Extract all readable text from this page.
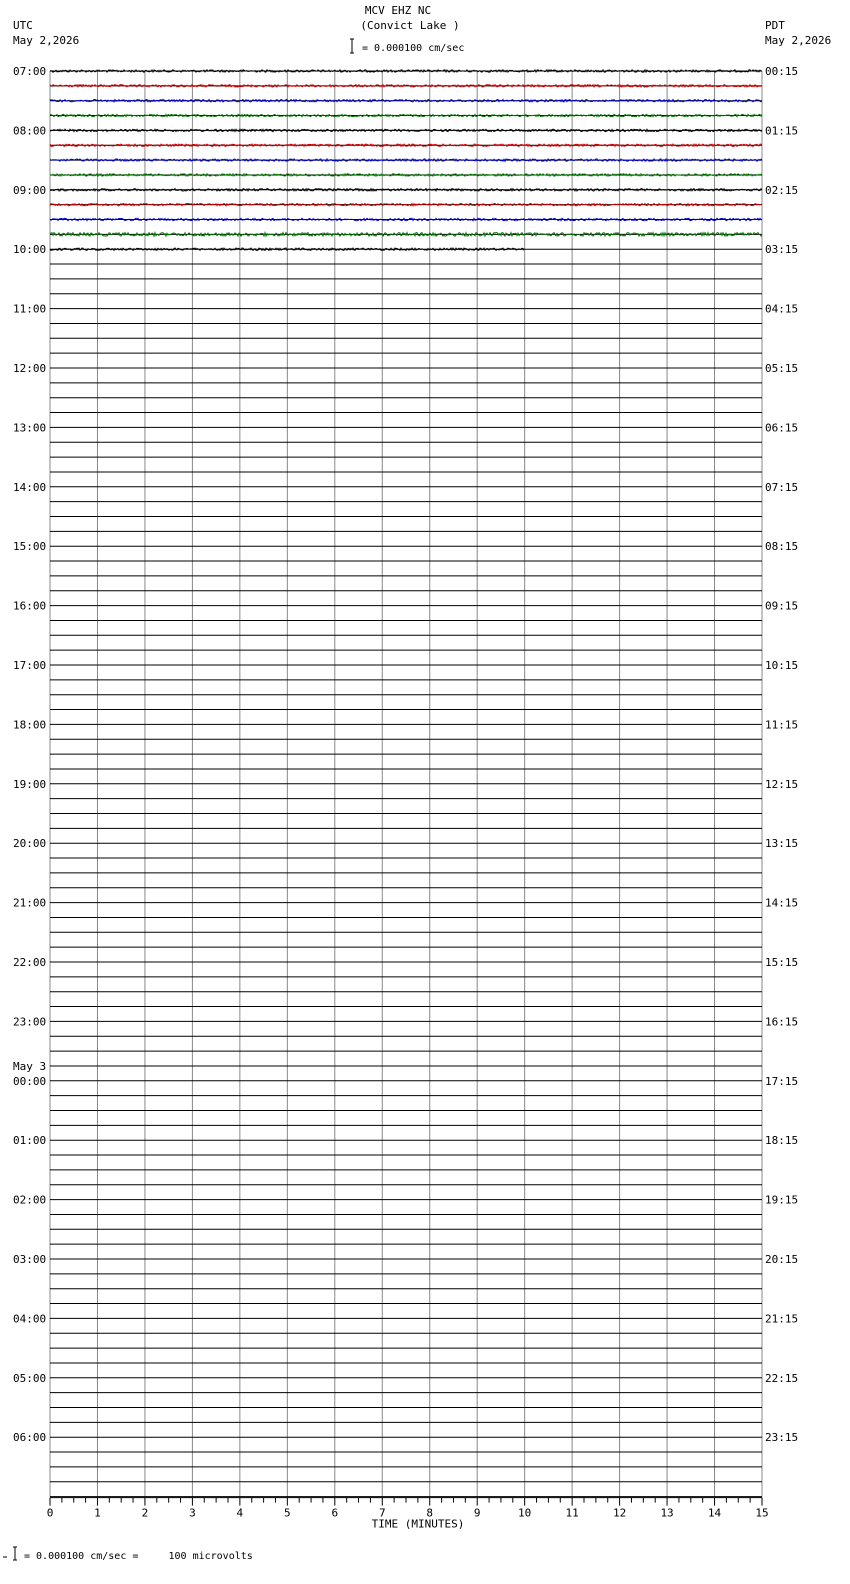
UTC
May 2,2026
MCV EHZ NC
(Convict Lake )
= 0.000100 cm/sec
PDT
May 2,2026
07:00
08:00
09:00
10:00
11:00
12:00
13:00
14:00
15:00
16:00
17:00
18:00
19:00
20:00
21:00
22:00
23:00
00:00
01:00
02:00
03:00
04:00
05:00
06:00
00:15
01:15
02:15
03:15
04:15
05:15
06:15
07:15
08:15
09:15
10:15
11:15
12:15
13:15
14:15
15:15
16:15
17:15
18:15
19:15
20:15
21:15
22:15
23:15
May 3
0	1	2	3	4	5	6	7	8	9	10	11	12	13	14	15
TIME (MINUTES)
= 0.000100 cm/sec =     100 microvolts
